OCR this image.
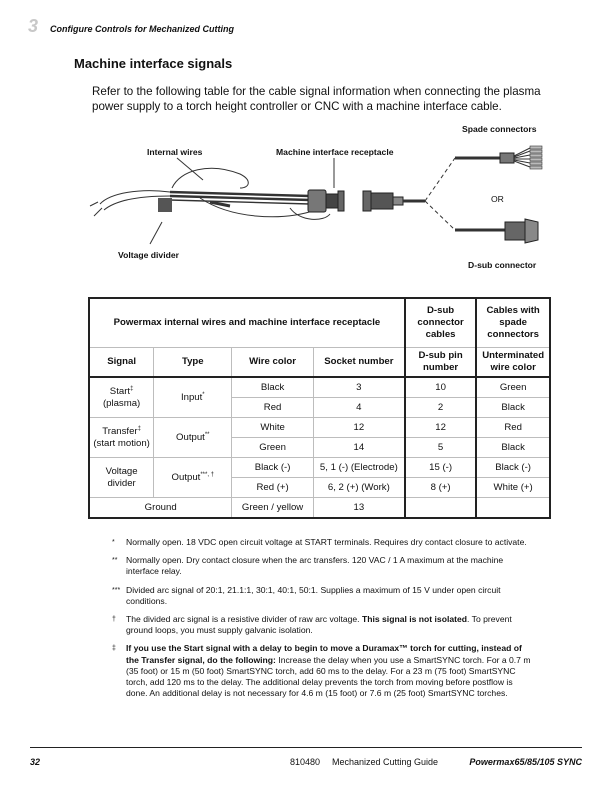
3 Configure Controls for Mechanized Cutting
Machine interface signals
Refer to the following table for the cable signal information when connecting the plasma power supply to a torch height controller or CNC with a machine interface cable.
Internal wires	Machine interface receptacle
Voltage divider
Spade connectors
OR
D-sub connector
Powermax internal wires and machine interface receptacle				D-sub connector cables	Cables with spade connectors
Signal	Type	Wire color	Socket number	D-sub pin number	Unterminated wire color
Start‡
(plasma)	Input*	Black	3	10	Green
		Red	4	2	Black
Transfer‡
(start motion)	Output**	White	12	12	Red
		Green	14	5	Black
Voltage
divider	Output***, †	Black (-)	5, 1 (-) (Electrode)	15 (-)	Black (-)
		Red (+)	6, 2 (+) (Work)	8 (+)	White (+)
Ground		Green / yellow	13		
* Normally open. 18 VDC open circuit voltage at START terminals. Requires dry contact closure to activate.
** Normally open. Dry contact closure when the arc transfers. 120 VAC / 1 A maximum at the machine interface relay.
*** Divided arc signal of 20:1, 21.1:1, 30:1, 40:1, 50:1. Supplies a maximum of 15 V under open circuit conditions.
† The divided arc signal is a resistive divider of raw arc voltage. This signal is not isolated. To prevent ground loops, you must supply galvanic isolation.
‡ If you use the Start signal with a delay to begin to move a Duramax™ torch for cutting, instead of the Transfer signal, do the following: Increase the delay when you use a SmartSYNC torch. For a 0.7 m (35 foot) or 15 m (50 foot) SmartSYNC torch, add 60 ms to the delay. For a 23 m (75 foot) SmartSYNC torch, add 120 ms to the delay. The additional delay prevents the torch from moving before postflow is done. An additional delay is not necessary for 4.6 m (15 foot) or 7.6 m (25 foot) SmartSYNC torches.
32	810480 Mechanized Cutting Guide	Powermax65/85/105 SYNC
